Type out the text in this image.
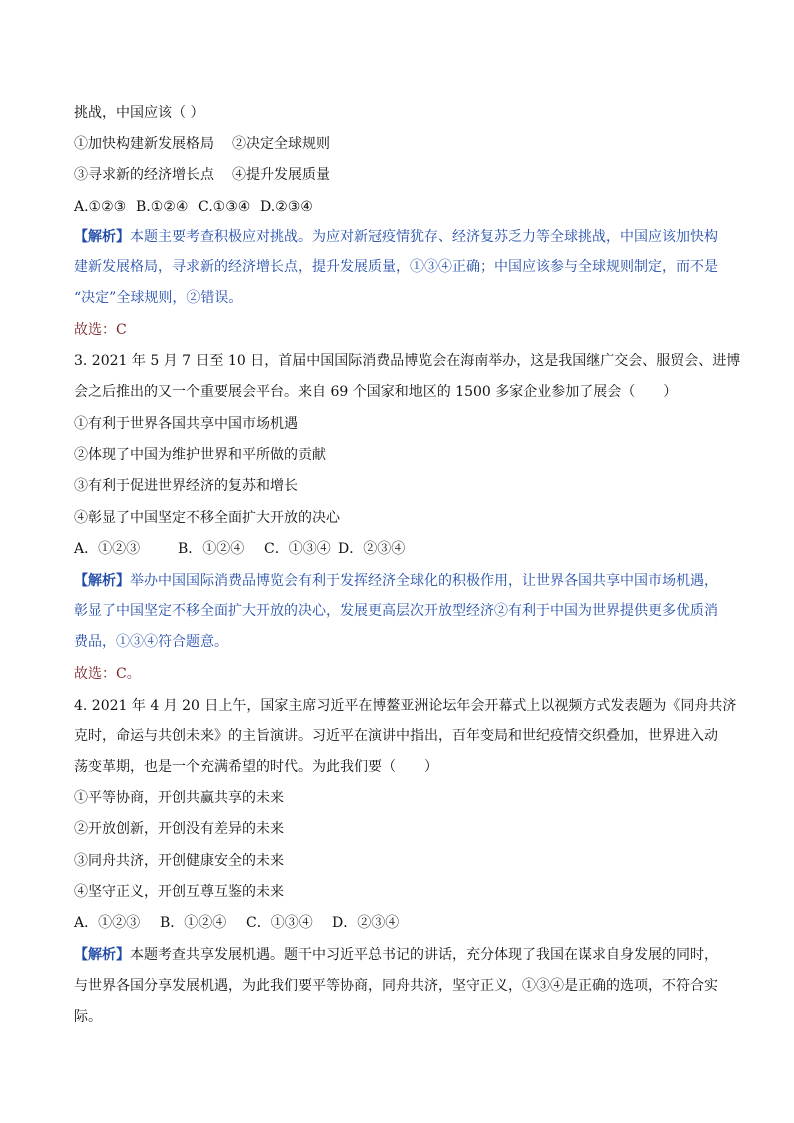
挑战，中国应该（ ）
①加快构建新发展格局 ②决定全球规则
③寻求新的经济增长点 ④提升发展质量
A.①②③ B.①②④ C.①③④ D.②③④
【解析】本题主要考查积极应对挑战。为应对新冠疫情犹存、经济复苏乏力等全球挑战，中国应该加快构
建新发展格局，寻求新的经济增长点，提升发展质量，①③④正确；中国应该参与全球规则制定，而不是
“决定”全球规则，②错误。
故选：C
3. 2021 年 5 月 7 日至 10 日，首届中国国际消费品博览会在海南举办，这是我国继广交会、服贸会、进博
会之后推出的又一个重要展会平台。来自 69 个国家和地区的 1500 多家企业参加了展会（　　）
①有利于世界各国共享中国市场机遇
②体现了中国为维护世界和平所做的贡献
③有利于促进世界经济的复苏和增长
④彰显了中国坚定不移全面扩大开放的决心
A．①②③	B．①②④ C．①③④ D．②③④
【解析】举办中国国际消费品博览会有利于发挥经济全球化的积极作用，让世界各国共享中国市场机遇，
彰显了中国坚定不移全面扩大开放的决心，发展更高层次开放型经济②有利于中国为世界提供更多优质消
费品，①③④符合题意。
故选：C。
4. 2021 年 4 月 20 日上午，国家主席习近平在博鳌亚洲论坛年会开幕式上以视频方式发表题为《同舟共济
克时，命运与共创未来》的主旨演讲。习近平在演讲中指出，百年变局和世纪疫情交织叠加，世界进入动
荡变革期，也是一个充满希望的时代。为此我们要（　　）
①平等协商，开创共赢共享的未来
②开放创新，开创没有差异的未来
③同舟共济，开创健康安全的未来
④坚守正义，开创互尊互鉴的未来
A．①②③ B．①②④ C．①③④ D．②③④
【解析】本题考查共享发展机遇。题干中习近平总书记的讲话，充分体现了我国在谋求自身发展的同时，
与世界各国分享发展机遇，为此我们要平等协商，同舟共济，坚守正义，①③④是正确的选项，不符合实
际。
